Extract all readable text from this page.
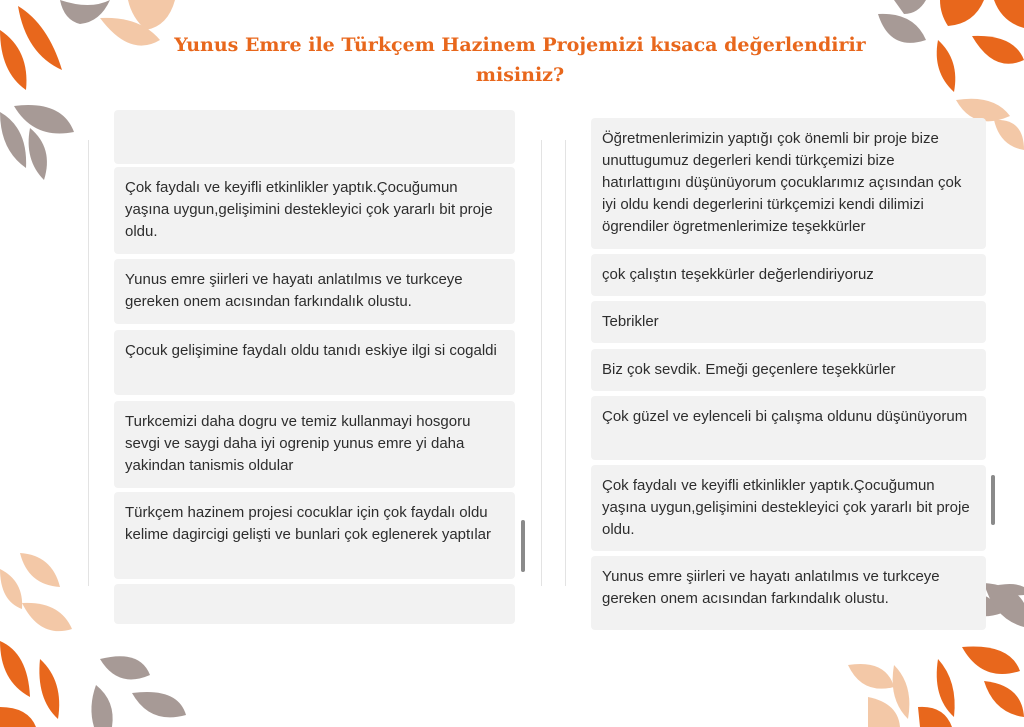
Yunus Emre ile Türkçem Hazinem Projemizi kısaca değerlendirir misiniz?
Çok faydalı ve keyifli etkinlikler yaptık.Çocuğumun yaşına uygun,gelişimini destekleyici çok yararlı bit proje oldu.
Yunus emre şiirleri ve hayatı anlatılmıs ve turkceye gereken onem acısından farkındalık olustu.
Çocuk gelişimine faydalı oldu tanıdı eskiye ilgi si cogaldi
Turkcemizi daha dogru ve temiz kullanmayi hosgoru sevgi ve saygi daha iyi ogrenip yunus emre yi daha yakindan tanismis oldular
Türkçem hazinem projesi cocuklar için çok faydalı oldu kelime dagircigi gelişti ve bunlari çok eglenerek yaptılar
Öğretmenlerimizin yaptığı çok önemli bir proje bize unuttugumuz degerleri kendi türkçemizi bize hatırlattıgını düşünüyorum çocuklarımız açısından çok iyi oldu kendi degerlerini türkçemizi kendi dilimizi ögrendiler ögretmenlerimize teşekkürler
çok çalıştın teşekkürler değerlendiriyoruz
Tebrikler
Biz çok sevdik. Emeği geçenlere teşekkürler
Çok güzel ve eylenceli bi çalışma oldunu düşünüyorum
Çok faydalı ve keyifli etkinlikler yaptık.Çocuğumun yaşına uygun,gelişimini destekleyici çok yararlı bit proje oldu.
Yunus emre şiirleri ve hayatı anlatılmıs ve turkceye gereken onem acısından farkındalık olustu.
